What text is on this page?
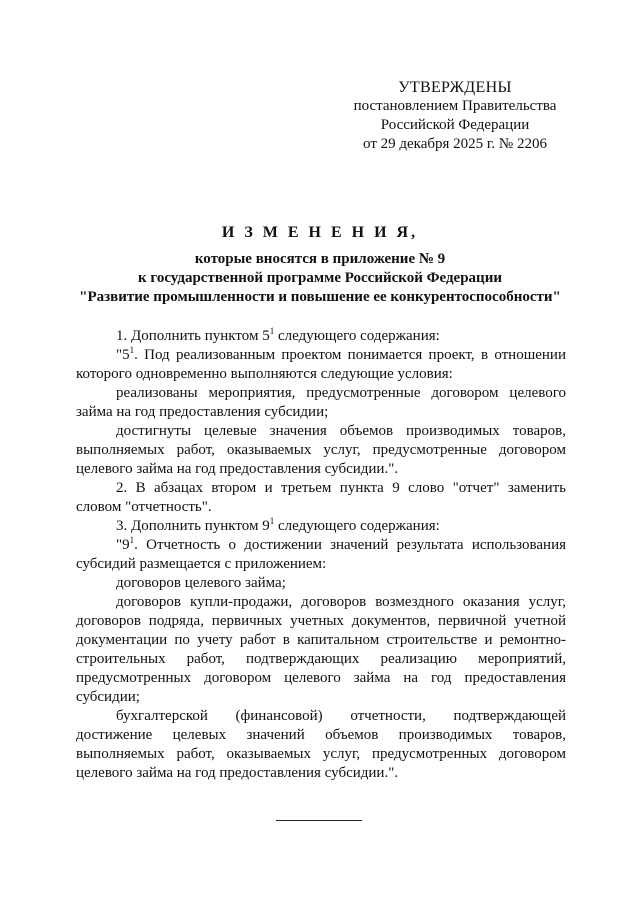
УТВЕРЖДЕНЫ
постановлением Правительства
Российской Федерации
от 29 декабря 2025 г. № 2206
И З М Е Н Е Н И Я,
которые вносятся в приложение № 9
к государственной программе Российской Федерации
"Развитие промышленности и повышение ее конкурентоспособности"

1. Дополнить пунктом $5^1$ следующего содержания:

"$5^1$. Под реализованным проектом понимается проект, в отношении которого одновременно выполняются следующие условия:

реализованы мероприятия, предусмотренные договором целевого займа на год предоставления субсидии;

достигнуты целевые значения объемов производимых товаров, выполняемых работ, оказываемых услуг, предусмотренные договором целевого займа на год предоставления субсидии.".

2. В абзацах втором и третьем пункта 9 слово "отчет" заменить словом "отчетность".

3. Дополнить пунктом $9^1$ следующего содержания:

"$9^1$. Отчетность о достижении значений результата использования субсидий размещается с приложением:

договоров целевого займа;

договоров купли-продажи, договоров возмездного оказания услуг, договоров подряда, первичных учетных документов, первичной учетной документации по учету работ в капитальном строительстве и ремонтно-строительных работ, подтверждающих реализацию мероприятий, предусмотренных договором целевого займа на год предоставления субсидии;

бухгалтерской (финансовой) отчетности, подтверждающей достижение целевых значений объемов производимых товаров, выполняемых работ, оказываемых услуг, предусмотренных договором целевого займа на год предоставления субсидии.".
